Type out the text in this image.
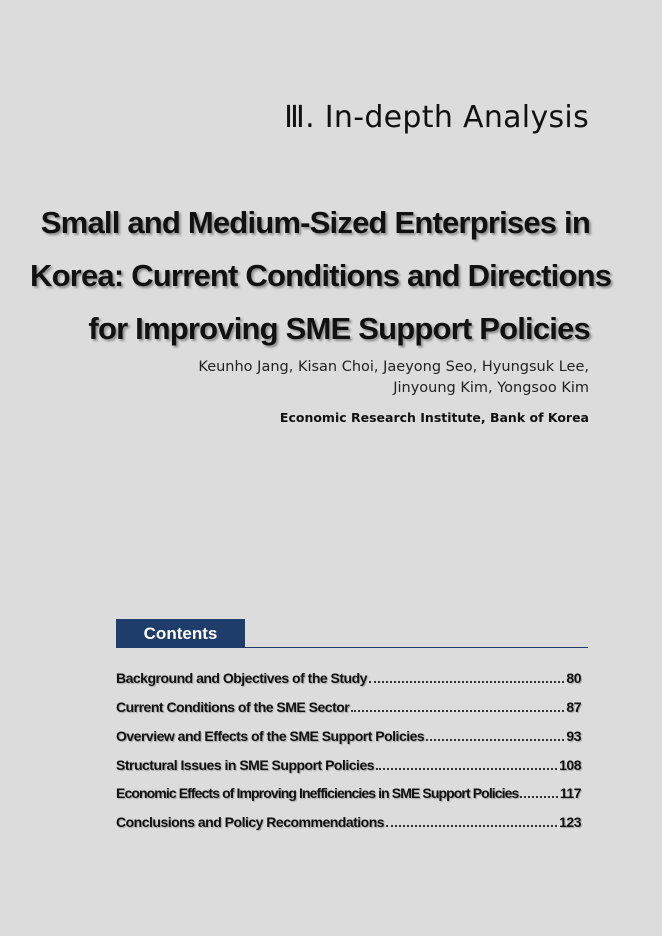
Ⅲ. In-depth Analysis
Small and Medium-Sized Enterprises in
Korea: Current Conditions and Directions
for Improving SME Support Policies
Keunho Jang, Kisan Choi, Jaeyong Seo, Hyungsuk Lee,
Jinyoung Kim, Yongsoo Kim
Economic Research Institute, Bank of Korea
Contents
Background and Objectives of the Study	80
Current Conditions of the SME Sector	87
Overview and Effects of the SME Support Policies	93
Structural Issues in SME Support Policies	108
Economic Effects of Improving Inefficiencies in SME Support Policies	117
Conclusions and Policy Recommendations	123
